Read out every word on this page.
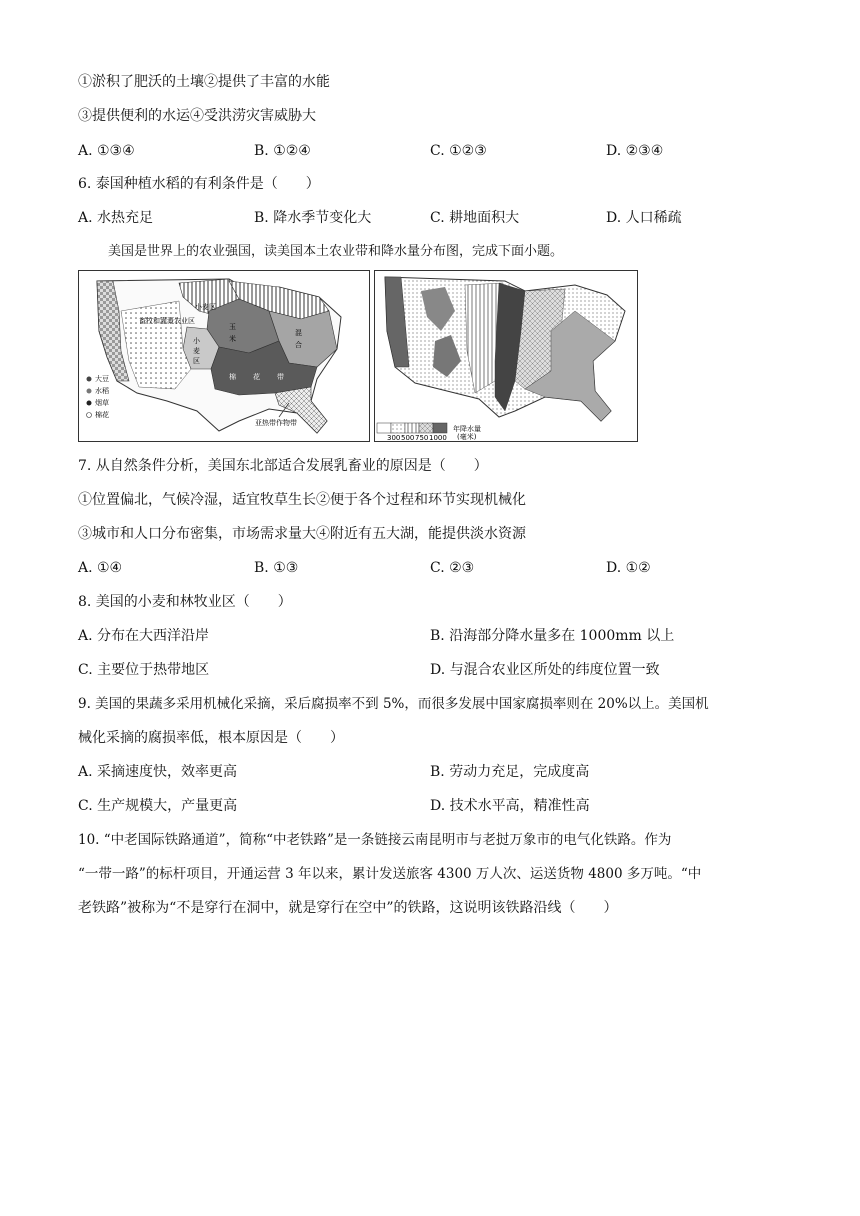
①淤积了肥沃的土壤②提供了丰富的水能
③提供便利的水运④受洪涝灾害威胁大
A. ①③④	B. ①②④	C. ①②③	D. ②③④
6. 泰国种植水稻的有利条件是（　　）
A. 水热充足	B. 降水季节变化大	C. 耕地面积大	D. 人口稀疏
美国是世界上的农业强国，读美国本土农业带和降水量分布图，完成下面小题。
小麦区
畜牧和灌溉农业区
玉
米
混
合
小
麦
区
棉 花 带
大豆
水稻
烟草
棉花
亚热带作物带
300 500 750 1000
年降水量
(毫米)
7. 从自然条件分析，美国东北部适合发展乳畜业的原因是（　　）
①位置偏北，气候冷湿，适宜牧草生长②便于各个过程和环节实现机械化
③城市和人口分布密集，市场需求量大④附近有五大湖，能提供淡水资源
A. ①④	B. ①③	C. ②③	D. ①②
8. 美国的小麦和林牧业区（　　）
A. 分布在大西洋沿岸	B. 沿海部分降水量多在 1000mm 以上
C. 主要位于热带地区	D. 与混合农业区所处的纬度位置一致
9. 美国的果蔬多采用机械化采摘，采后腐损率不到 5%，而很多发展中国家腐损率则在 20%以上。美国机
械化采摘的腐损率低，根本原因是（　　）
A. 采摘速度快，效率更高	B. 劳动力充足，完成度高
C. 生产规模大，产量更高	D. 技术水平高，精准性高
10. “中老国际铁路通道”，简称“中老铁路”是一条链接云南昆明市与老挝万象市的电气化铁路。作为
“一带一路”的标杆项目，开通运营 3 年以来，累计发送旅客 4300 万人次、运送货物 4800 多万吨。“中
老铁路”被称为“不是穿行在洞中，就是穿行在空中”的铁路，这说明该铁路沿线（　　）
